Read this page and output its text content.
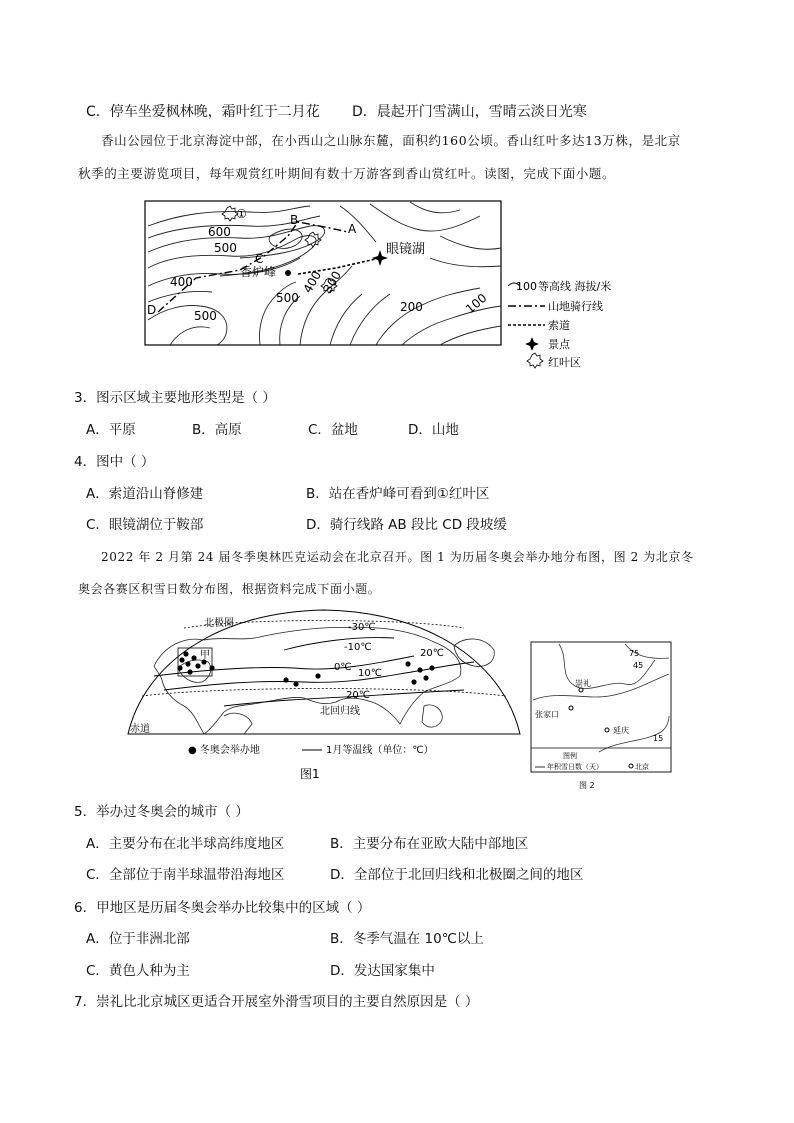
C．停车坐爱枫林晚，霜叶红于二月花 D．晨起开门雪满山，雪晴云淡日光寒
香山公园位于北京海淀中部，在小西山之山脉东麓，面积约160公顷。香山红叶多达13万株，是北京
秋季的主要游览项目，每年观赏红叶期间有数十万游客到香山赏红叶。读图，完成下面小题。
①	B
A
C
D
香炉峰
眼镜湖
600
500
400
500
500
400
300
200	100
100 等高线 海拔/米
山地骑行线
索道
景点
红叶区
3．图示区域主要地形类型是（ ）
A．平原	B．高原	C．盆地	D．山地
4．图中（ ）
A．索道沿山脊修建	B．站在香炉峰可看到①红叶区
C．眼镜湖位于鞍部	D．骑行线路 AB 段比 CD 段坡缓
2022 年 2 月第 24 届冬季奥林匹克运动会在北京召开。图 1 为历届冬奥会举办地分布图，图 2 为北京冬
奥会各赛区积雪日数分布图，根据资料完成下面小题。
-30℃
-10℃
0℃
10℃
20℃
20℃
北极圈
北回归线
赤道
甲
● 冬奥会举办地	1月等温线（单位：℃）
图1
崇礼
张家口
延庆
75
45
15
图例
年积雪日数（天）	北京
图 2
5．举办过冬奥会的城市（ ）
A．主要分布在北半球高纬度地区	B．主要分布在亚欧大陆中部地区
C．全部位于南半球温带沿海地区	D．全部位于北回归线和北极圈之间的地区
6．甲地区是历届冬奥会举办比较集中的区域（ ）
A．位于非洲北部	B．冬季气温在 10℃以上
C．黄色人种为主	D．发达国家集中
7．崇礼比北京城区更适合开展室外滑雪项目的主要自然原因是（ ）
